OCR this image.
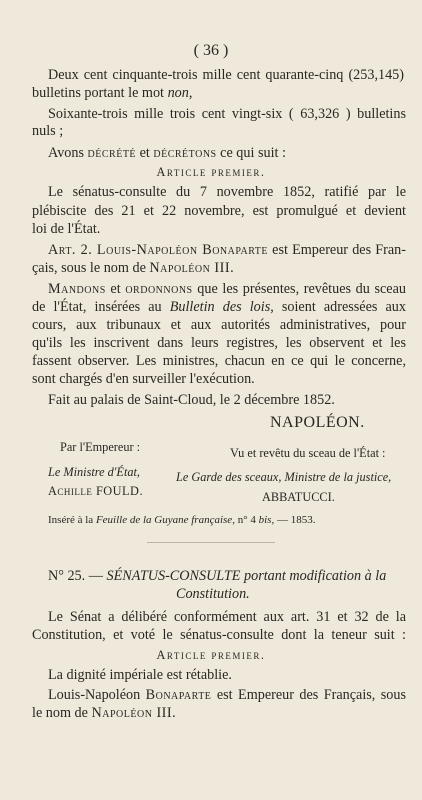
( 36 )
Deux cent cinquante-trois mille cent quarante-cinq (253,145)
bulletins portant le mot non,
Soixante-trois mille trois cent vingt-six ( 63,326 ) bulletins
nuls ;
Avons décrété et décrétons ce qui suit :
Article premier.
Le sénatus-consulte du 7 novembre 1852, ratifié par le
plébiscite des 21 et 22 novembre, est promulgué et devient
loi de l'État.
Art. 2. Louis-Napoléon Bonaparte est Empereur des Fran-
çais, sous le nom de Napoléon III.
Mandons et ordonnons que les présentes, revêtues du sceau
de l'État, insérées au Bulletin des lois, soient adressées aux
cours, aux tribunaux et aux autorités administratives, pour
qu'ils les inscrivent dans leurs registres, les observent et les
fassent observer. Les ministres, chacun en ce qui le concerne,
sont chargés d'en surveiller l'exécution.
Fait au palais de Saint-Cloud, le 2 décembre 1852.
NAPOLÉON.
Par l'Empereur :	Vu et revêtu du sceau de l'État :
Le Ministre d'État,	Le Garde des sceaux, Ministre de la justice,
Achille FOULD.	ABBATUCCI.
Inséré à la Feuille de la Guyane française, n° 4 bis, — 1853.
N° 25. — SÉNATUS-CONSULTE portant modification à la
Constitution.
Le Sénat a délibéré conformément aux art. 31 et 32 de la
Constitution, et voté le sénatus-consulte dont la teneur suit :
Article premier.
La dignité impériale est rétablie.
Louis-Napoléon Bonaparte est Empereur des Français, sous
le nom de Napoléon III.
